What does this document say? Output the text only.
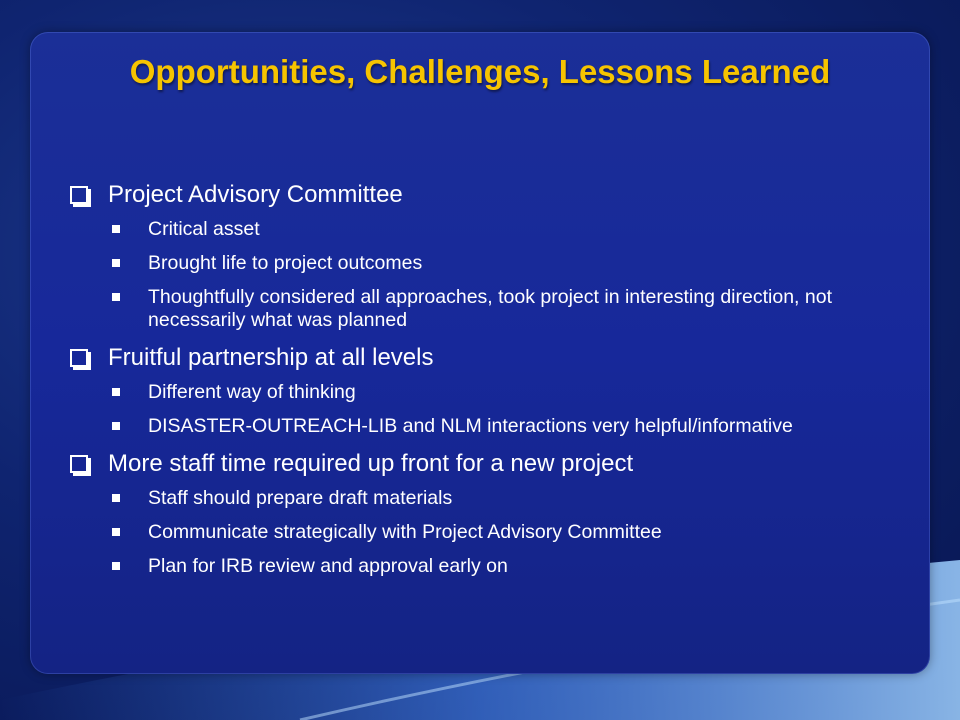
Opportunities, Challenges, Lessons Learned
Project Advisory Committee
Critical asset
Brought life to project outcomes
Thoughtfully considered all approaches, took project in interesting direction, not necessarily what was planned
Fruitful partnership at all levels
Different way of thinking
DISASTER-OUTREACH-LIB and NLM interactions very helpful/informative
More staff time required up front for a new project
Staff should prepare draft materials
Communicate strategically with Project Advisory Committee
Plan for IRB review and approval early on
